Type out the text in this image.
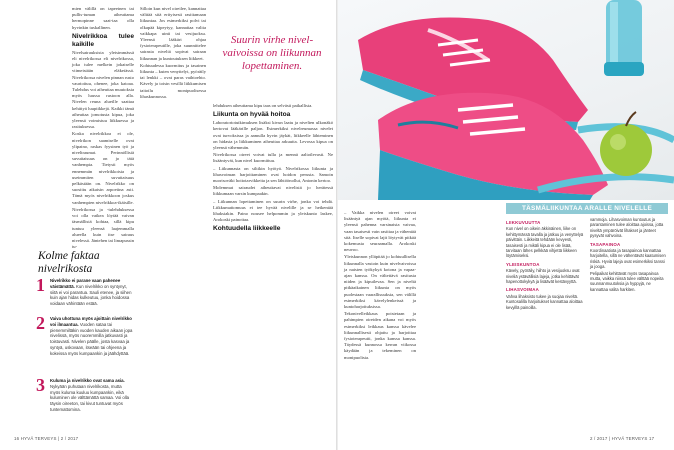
mien välillä on tapeeinen tai pullis-tuman aiheuttama hermopinne saat-taa olla hyvinkin tuskallinen.

Nivelrikkoa tulee kaikille

Nivelsairauksista yleisimmässä eli nivelrikossa eli nivelrikossa, joka tulee melkein jokaiselle viimeistään eläkeiässä. Nivelrikossa nivelen pinnan rusto vaurioituu, ohenee, joka katoaa. Tulehdus voi aiheuttaa muutoksia myös luussa rustoon alla. Nivelen reuna alueille saattaa kehittyä luupiikkejä. Kaikki tämä aiheuttaa jomotusta kipua, joka yleensä voimistuu liikkuessa ja rasituksessa.

Koska nivelrikkoa ei ole, nivelrikon saamiselle ovat ylipaino, raskas fyysinen työ ja niveltraumat. Perinnöllisiä suvuttaisuus on jo tätä vanhempia. Tietysti myös ennemmän nivelrikkoisia ja useimmiten suvuttaisuus pelkästään on. Nivelrikko on suosittu aikaisin arpoetina asti. Tämä myös nivelrikkoon joskus vanhempien nivelrikkoa-ikäisille.

Nivelrikossa ja -tulehduksessa voi olla vaikea löytää vaivan täsmällistä kohtaa, sillä kipu tuntuu yleensä laajemmalla alueella kuin itse sairaus nivelessä. Jäntehen tai limapussin tu-

Kolme faktaa nivelrikosta
1 Nivelrikko ei parane vaan pahenee väistämättä. Kun nivelrikko on syntynyt, siitä ei voi parantua. Sauli etenee, ja siihen kuin ajan hidas kulkeutuu, jonka hoidossa voidaan vähintään estää.
2 Vaiva uhottuna myös ajoittain nivelrikko voi ilmaantua. Vuoden sataa tai pienemmiltäkin vuoden kauden aikaan jopa nivelissä, myös nuoremmilla jatkuvasti ja toistuvasti. Nivelen päälle, josta kasvaa ja syntyä, uskovaan, itseään tai ohjeena ja kokeissa myös kumpaankin ja jäähdyttää.
3 Kuluma ja nivelrikko ovat sama asia. Nykyään puhutaan nivelrikosta, mutta myös kuluma kuuluu kumpaankin, eikä kuluminen ole välttämättä samaa. Voi olla täysin oireeton, tai kivut tuntuvat myös tuntemattomina.

Silloin kun nivel oireilee, kannattaa välttää sitä erityisesti rasittamaan liikuntaa. Jos esimerkiksi polvi tai olkapää kipeytyy, kannattaa valita vaikkapa uinti tai vesijuoksu. Yleensä lääkäri ohjaa fysioterapeutille, joka suunnittelee sairasta niveltä sopivat sairaan liikunnan ja kuntoutuksen liikkeet.

Kohtuudessa kuormitus ja tasainen liikunta – kuten venyttelyt, pyöräily tai lenkki – ovat paras vaihtoehto. Kävely ja toisin vesillä liikkumisen taitoilu monipuolisessa lihaskunnossa.

Suurin virhe nivel-vaivoissa on liikunnan lopettaminen.

lehduksen aiheuttama kipu taas on selvästi paikallista.

Liikunta on hyvää hoitoa

Laboratoriotutkimuksen lisäksi kivun laatu ja nivelten ulkonäkö kertovat lääkärille paljon. Esimerkiksi nivelreumassa nivelet ovat turvoksissa ja aamulla hyvin jäykät, liikkeelle lähteminen on hidasta ja liikkuminen aiheuttaa arkuutta. Levossa kipua on yleensä vähemmän.

Nivelrikossa oireet voivat tulla ja mennä aaltoilevasti. Ne lisääntyvät, kun nivel kuormittuu.

– Liikunnasta on siltikin hyötyä. Nivelrikossa liikunta ja lihasvoiman harjoittaminen ovat hoidon perusta. Samoin nuorisoväki hoitotarvikkeita ja sen lähtöönollut, Antonin kertoo.

Molemmat sairaudet aiheuttavat nivelistä jo herätessä liikkumaan varsin kumpaakin.

– Liikunnan lopettaminen on suurin virhe, jonka voi tehdä. Liikkumattomuus ei tee hyvää nivelille ja se heikentää lihaksiakin. Paino nousee helpommin ja yleiskunto laskee, Arokoski painottaa.

Kohtuudella liikkeelle
16 HYVÄ TERVEYS | 2 / 2017

– Vaikka nivelen oireet voivat lisääntyä ajan myötä, liikunta ei yleensä pahenna varsinaista vaivaa, vaan tasaisesti vain rasittaa ja vähentää sitä. Itselle sopivat lajit löytyvät pitkää kokemusta seuraamalla. Arokoski neuvoo.

Yleiskunnon ylläpitää jo kohtuullisella liikunnalla vastoin kuin nivelvaivoissa ja naisten työkykyä kotona ja vapaa-ajan kanssa. On vältettävä rasitusta niiden ja kipuilevaa. Sen ja niveltä pitkäaikainen liikunta on myös puolestaan vaarallisuuksia, sen välillä esimerkiksi kävelylenkeissä ja kuntoharjoituksissa.

Tekonivelleikkaus poistetaan ja pahimpien oireiden aikana voi myös esimerkiksi leikkaus kanssa kävelee liikunnallisesti ohjattu ja harjoittaa fysioterapeutti, jonka kanssa kanssa. Täydessä kunnossa kerran viikossa käydään ja tekeminen on monipuolista.

TÄSMÄLIIKUNTAA ARALLE NIVELELLE
LIIKKUVUUTTA

Kun nivel on oikein äkkinäinen, liike on kehittymässä tavalla ja jatkuu ja venyttelyä päivittäin. Liikkeitä tehdään kevyesti, tasaisesti ja mikäli kipua ei ole lisää, tarvitaan lähes pelkkää vihjettä liikkeen löytämiseksi.

YLEISKUNTOA

Kävely, pyöräily, hiihto ja vesijuoksu ovat niveliä ystävällisiä lajeja, jotka kehittävät hapenottokykyä ja lisäävät kestävyyttä.

LIHASVOIMAA

Vahva lihaksisto tukee ja suojaa niveltä. Kuntosalilla harjoitukset kannattaa aloittaa kevyillä painoilla.

vammoja. Lihasvoiman kuntoutus ja parantaminen tulee aloittaa ajoissa, jotta niveltä ympäröivät lihakset ja jänteet pysyvät vahvoina.

TASAPAINOA

Koordinaatiota ja tasapainoa kannattaa harjoitella, sillä ne vähentävät kaatumisen riskiä. Hyviä lajeja ovat esimerkiksi tanssi ja jooga.

Pelipaikat kehittävät myös tasapainoa mutta, vaikka niissä tulee välttää nopeita suunnanmuutoksia ja hyppyjä, ne kannattaa valita harkiten.

2 / 2017 | HYVÄ TERVEYS 17
